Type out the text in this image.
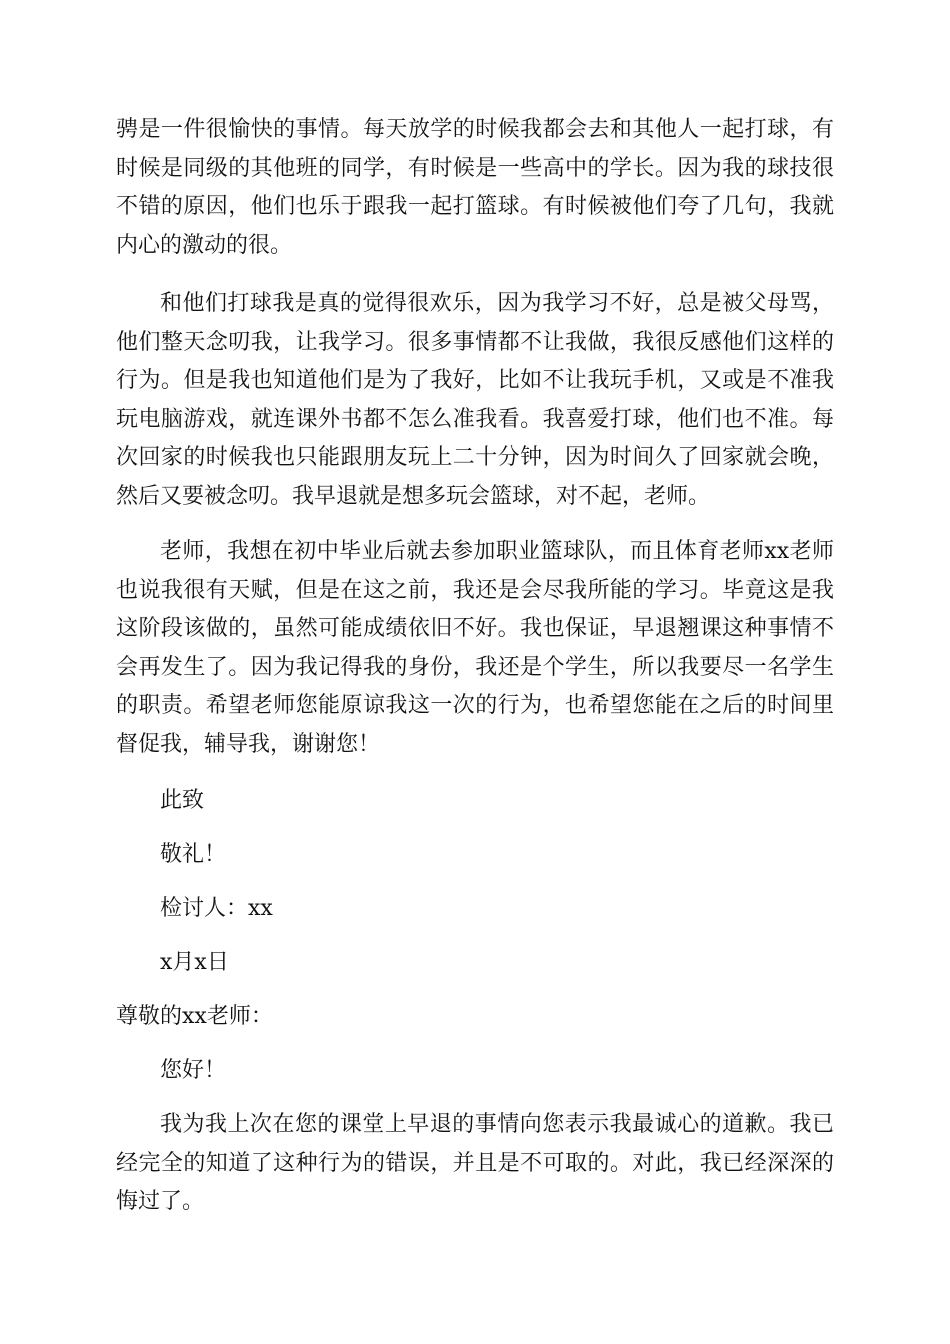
骋是一件很愉快的事情。每天放学的时候我都会去和其他人一起打球，有时候是同级的其他班的同学，有时候是一些高中的学长。因为我的球技很不错的原因，他们也乐于跟我一起打篮球。有时候被他们夸了几句，我就内心的激动的很。

和他们打球我是真的觉得很欢乐，因为我学习不好，总是被父母骂，他们整天念叨我，让我学习。很多事情都不让我做，我很反感他们这样的行为。但是我也知道他们是为了我好，比如不让我玩手机，又或是不准我玩电脑游戏，就连课外书都不怎么准我看。我喜爱打球，他们也不准。每次回家的时候我也只能跟朋友玩上二十分钟，因为时间久了回家就会晚，然后又要被念叨。我早退就是想多玩会篮球，对不起，老师。

老师，我想在初中毕业后就去参加职业篮球队，而且体育老师xx老师也说我很有天赋，但是在这之前，我还是会尽我所能的学习。毕竟这是我这阶段该做的，虽然可能成绩依旧不好。我也保证，早退翘课这种事情不会再发生了。因为我记得我的身份，我还是个学生，所以我要尽一名学生的职责。希望老师您能原谅我这一次的行为，也希望您能在之后的时间里督促我，辅导我，谢谢您！

此致

敬礼！

检讨人：xx

x月x日

尊敬的xx老师：

您好！

我为我上次在您的课堂上早退的事情向您表示我最诚心的道歉。我已经完全的知道了这种行为的错误，并且是不可取的。对此，我已经深深的悔过了。
